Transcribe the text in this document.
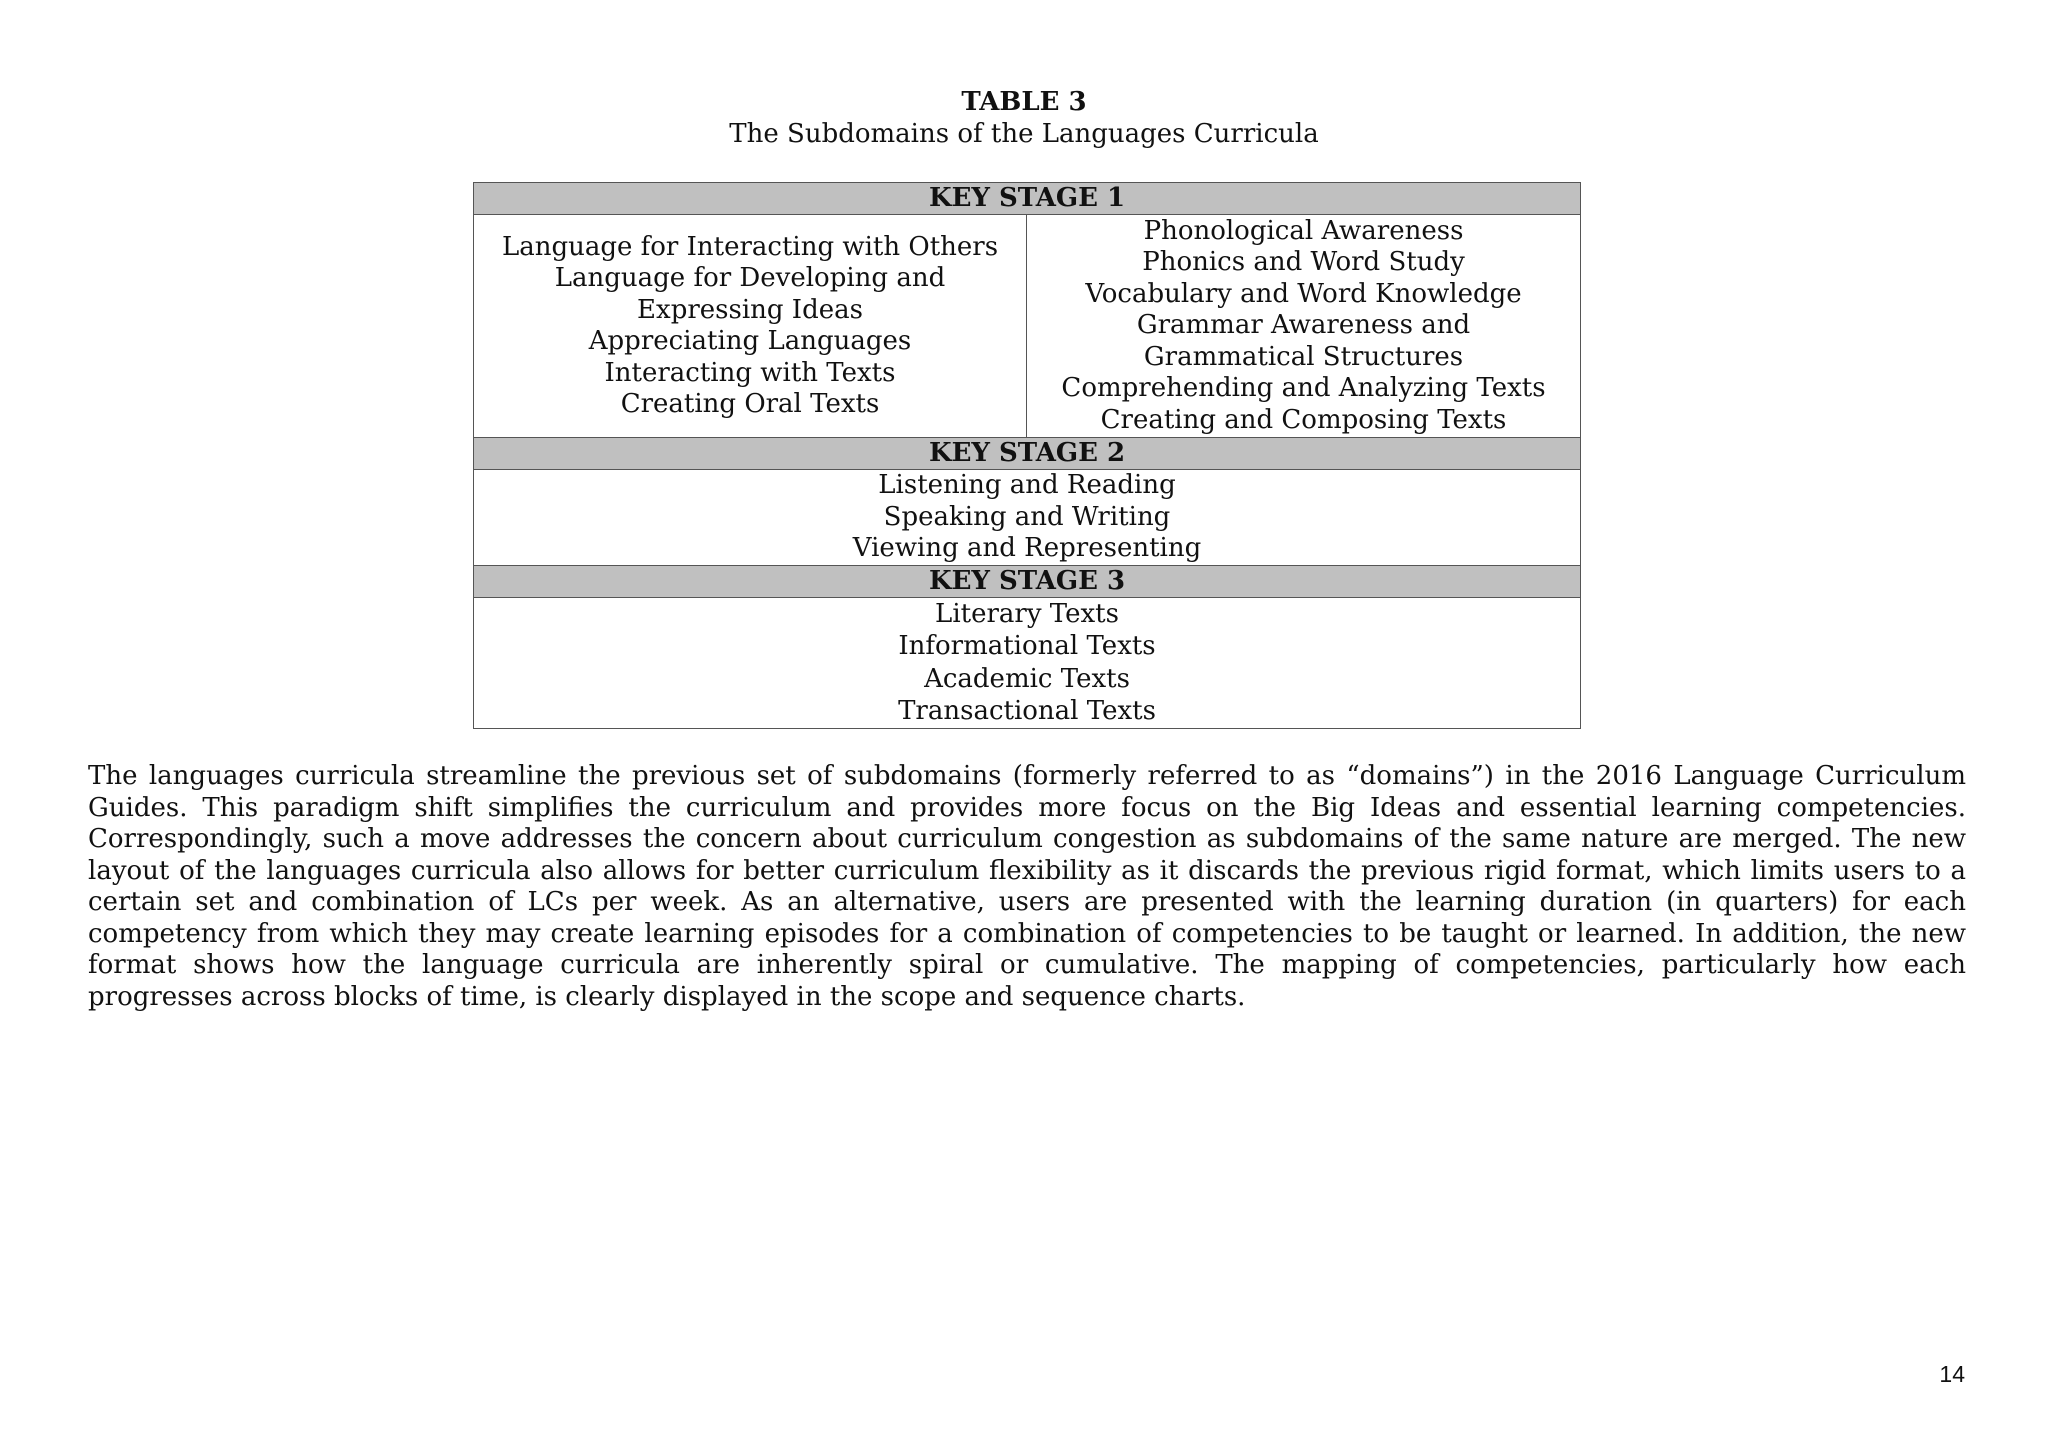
TABLE 3
The Subdomains of the Languages Curricula
KEY STAGE 1

Language for Interacting with Others
Language for Developing and Expressing Ideas
Appreciating Languages
Interacting with Texts
Creating Oral Texts

Phonological Awareness
Phonics and Word Study
Vocabulary and Word Knowledge
Grammar Awareness and Grammatical Structures
Comprehending and Analyzing Texts
Creating and Composing Texts

KEY STAGE 2

Listening and Reading
Speaking and Writing
Viewing and Representing

KEY STAGE 3

Literary Texts
Informational Texts
Academic Texts
Transactional Texts

The languages curricula streamline the previous set of subdomains (formerly referred to as “domains”) in the 2016 Language Curriculum Guides. This paradigm shift simplifies the curriculum and provides more focus on the Big Ideas and essential learning competencies. Correspondingly, such a move addresses the concern about curriculum congestion as subdomains of the same nature are merged. The new layout of the languages curricula also allows for better curriculum flexibility as it discards the previous rigid format, which limits users to a certain set and combination of LCs per week. As an alternative, users are presented with the learning duration (in quarters) for each competency from which they may create learning episodes for a combination of competencies to be taught or learned. In addition, the new format shows how the language curricula are inherently spiral or cumulative. The mapping of competencies, particularly how each progresses across blocks of time, is clearly displayed in the scope and sequence charts.

14
